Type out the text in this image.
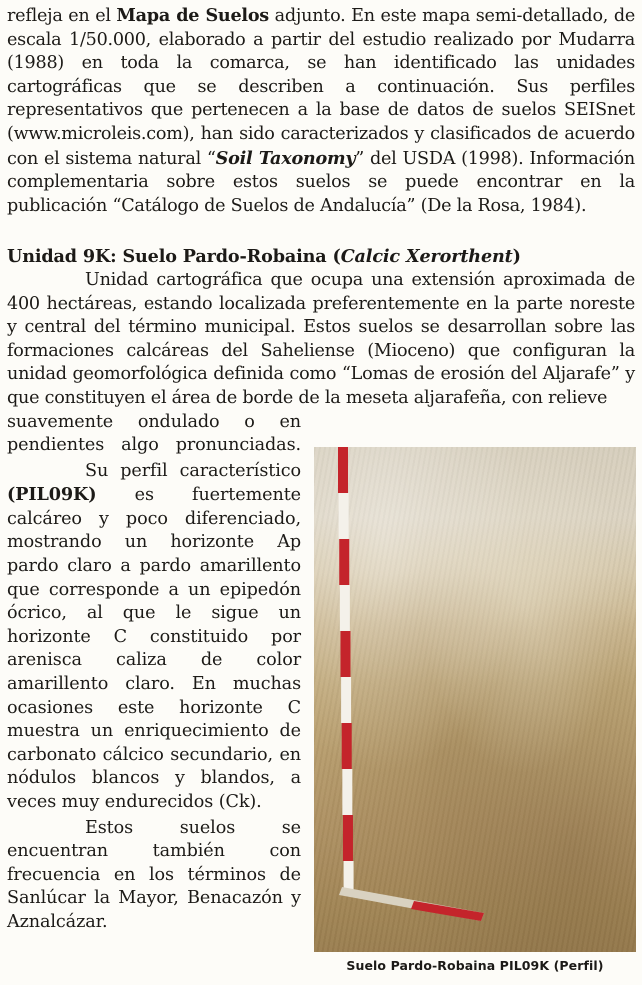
refleja en el Mapa de Suelos adjunto. En este mapa semi-detallado, de escala 1/50.000, elaborado a partir del estudio realizado por Mudarra (1988) en toda la comarca, se han identificado las unidades cartográficas que se describen a continuación. Sus perfiles representativos que pertenecen a la base de datos de suelos SEISnet (www.microleis.com), han sido caracterizados y clasificados de acuerdo con el sistema natural “Soil Taxonomy” del USDA (1998). Información complementaria sobre estos suelos se puede encontrar en la publicación “Catálogo de Suelos de Andalucía” (De la Rosa, 1984).

Unidad 9K: Suelo Pardo-Robaina (Calcic Xerorthent)

Unidad cartográfica que ocupa una extensión aproximada de 400 hectáreas, estando localizada preferentemente en la parte noreste y central del término municipal. Estos suelos se desarrollan sobre las formaciones calcáreas del Saheliense (Mioceno) que configuran la unidad geomorfológica definida como “Lomas de erosión del Aljarafe” y que constituyen el área de borde de la meseta aljarafeña, con relieve

suavemente ondulado o en pendientes algo pronunciadas.

Su perfil característico (PIL09K) es fuertemente calcáreo y poco diferenciado, mostrando un horizonte Ap pardo claro a pardo amarillento que corresponde a un epipedón ócrico, al que le sigue un horizonte C constituido por arenisca caliza de color amarillento claro. En muchas ocasiones este horizonte C muestra un enriquecimiento de carbonato cálcico secundario, en nódulos blancos y blandos, a veces muy endurecidos (Ck).

Estos suelos se encuentran también con frecuencia en los términos de Sanlúcar la Mayor, Benacazón y Aznalcázar.

Suelo Pardo-Robaina PIL09K (Perfil)
